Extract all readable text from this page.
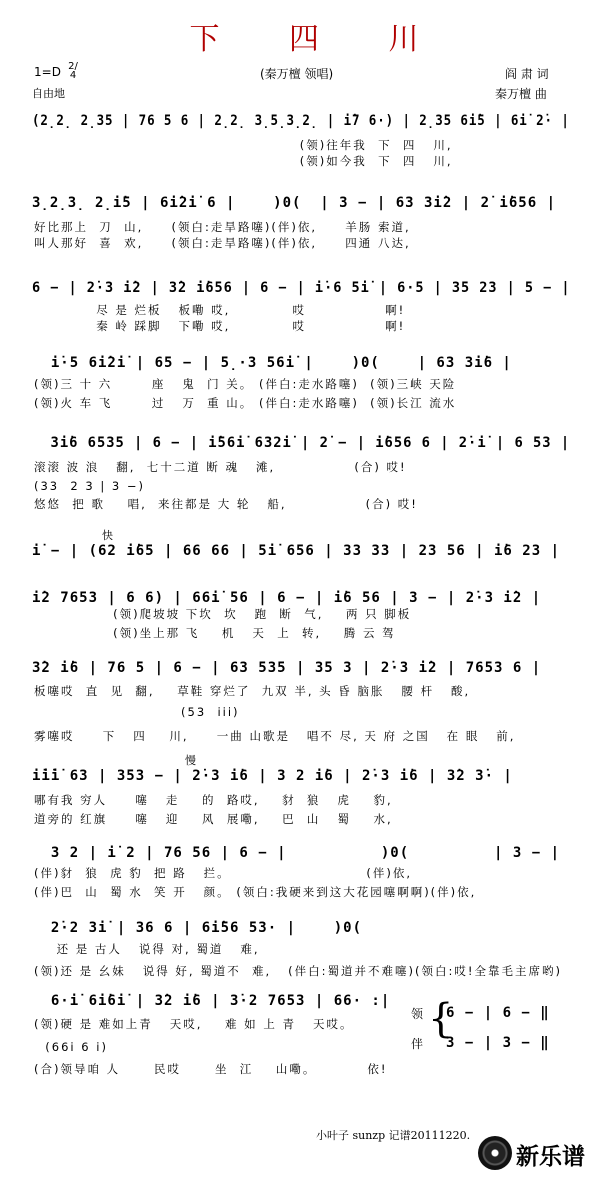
下 四 川
1=D 2/4
自由地
(秦万檀 领唱)	阎 肃 词
秦万檀 曲
(2̣2̣ 2̣35 | 76 5 6 | 2̣2̣ 3̣5̣3̣2̣ | i̇7 6·) | 2̣35 6i̇5 | 6i̇ 2̇· |
(领)往年我  下  四   川,
(领)如今我  下  四   川,
3̣2̣3̣ 2̣i̇5 | 6i̇2i̇ 6 |    )0(  | 3 − | 63 3i̇2 | 2̇ i̇656 |
好比那上  刀  山,     (领白:走旱路噻)(伴)依,     羊肠 索道,
叫人那好  喜  欢,     (领白:走旱路噻)(伴)依,     四通 八达,
6 − | 2̇·3 i̇2 | 3̇2 i̇656 | 6 − | i̇·6 5i̇ | 6·5 | 35 23 | 5 − |
尽 是 烂板   板嘞 哎,           哎              啊!
秦 岭 踩脚   下嘞 哎,           哎              啊!
i̇·5 6i̇2i̇ | 65 − | 5̣·3 56i̇ |    )0(    | 63 3i̇6 |
(领)三 十 六       座   鬼  门 关。 (伴白:走水路噻)  (领)三峡 天险
(领)火 车 飞       过   万  重 山。 (伴白:走水路噻)  (领)长江 流水
3i̇6 6535 | 6 − | i̇56i̇ 632i̇ | 2̇ − | i̇656 6 | 2̇·i̇ | 6 53 |
滚滚 波 浪   翻,  七十二道 断 魂   滩,              (合) 哎!
(33  2 3 | 3 −)
悠悠  把 歌    唱,  来往都是 大 轮   船,              (合) 哎!
i̇ − | (62 i̇65 | 66 66 | 5i̇ 656 | 33 33 | 23 56 | i̇6 23 |
i̇2 7653 | 6 6) | 66i̇ 56 | 6 − | i̇6 56 | 3 − | 2̇·3 i̇2 |
(领)爬坡坡 下坎  坎   跑  断  气,    两 只 脚板
(领)坐上那 飞    机   天  上  转,    腾 云 驾
3̇2 i̇6 | 76 5 | 6 − | 63 535 | 35 3 | 2̇·3 i̇2 | 7653 6 |
板噻哎  直  见  翻,    草鞋 穿烂了  九双 半, 头 昏 脑胀   腰 杆   酸,
(53  i̇i̇i̇)
雾噻哎     下   四    川,     一曲 山歌是   唱不 尽, 天 府 之国   在 眼   前,
i̇i̇i̇ 63 | 353 − | 2̇·3 i̇6 | 3 2 i̇6 | 2̇·3 i̇6 | 3̇2 3̇· |
哪有我 穷人     噻   走    的  路哎,    豺  狼   虎    豹,
道旁的 红旗     噻   迎    风  展嘞,    巴  山   蜀    水,
3 2 | i̇ 2 | 76 56 | 6 − |          )0(         | 3 − |
(伴)豺  狼  虎 豹  把 路   拦。                        (伴)依,
(伴)巴  山  蜀 水  笑 开   颜。 (领白:我硬来到这大花园噻啊啊)(伴)依,
2̇·2 3i̇ | 36 6 | 6i̇56 53· |    )0(
还 是 古人   说得 对, 蜀道   难,
(领)还 是 幺妹   说得 好, 蜀道不  难,   (伴白:蜀道并不难噻)(领白:哎!全靠毛主席哟)
6·i̇ 6i̇6i̇ | 3̇2 i̇6 | 3̇·2 7653 | 66· :|
(领)硬 是 难如上青   天哎,    难 如 上 青   天哎。
(66i̇ 6 i̇)
(合)领导咱 人      民哎      坐  江    山嘞。         依!
快
慢
领
伴
{
6 − | 6 − ‖
3 − | 3 − ‖
小叶子 sunzp 记谱20111220.

新乐谱
